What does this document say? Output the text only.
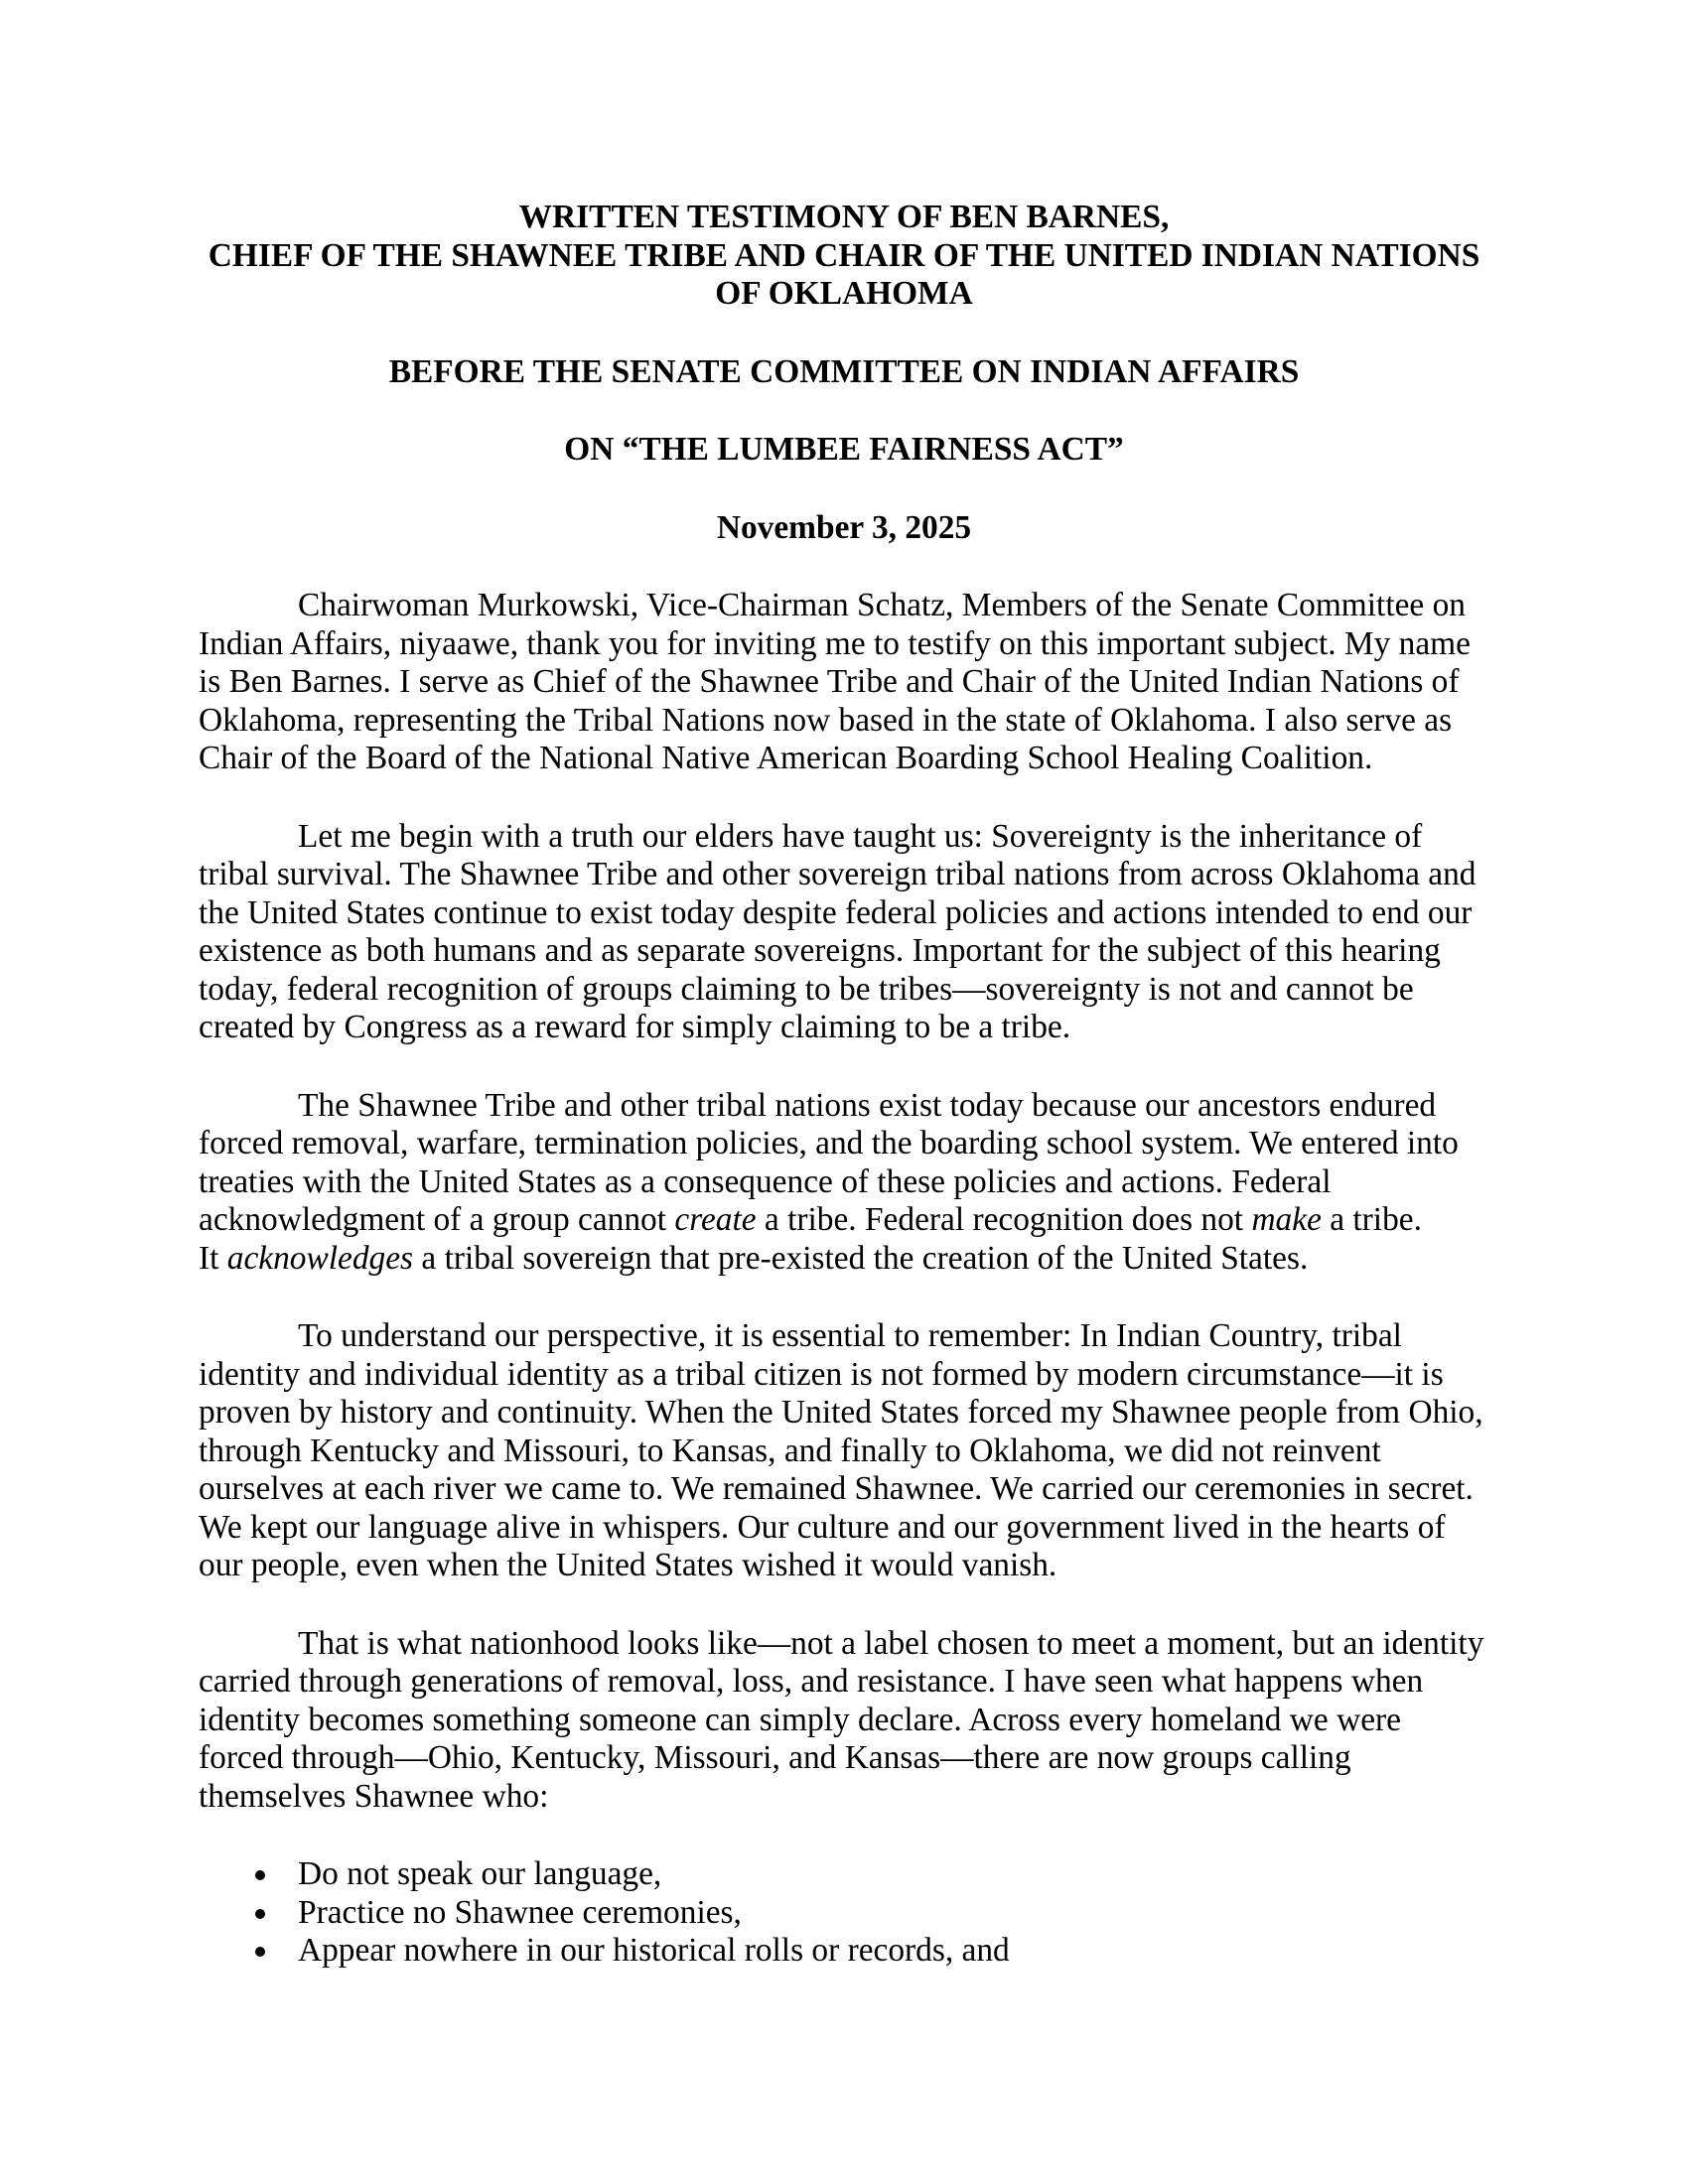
WRITTEN TESTIMONY OF BEN BARNES,
CHIEF OF THE SHAWNEE TRIBE AND CHAIR OF THE UNITED INDIAN NATIONS
OF OKLAHOMA
BEFORE THE SENATE COMMITTEE ON INDIAN AFFAIRS
ON “THE LUMBEE FAIRNESS ACT”
November 3, 2025
Chairwoman Murkowski, Vice-Chairman Schatz, Members of the Senate Committee on
Indian Affairs, niyaawe, thank you for inviting me to testify on this important subject. My name
is Ben Barnes. I serve as Chief of the Shawnee Tribe and Chair of the United Indian Nations of
Oklahoma, representing the Tribal Nations now based in the state of Oklahoma. I also serve as
Chair of the Board of the National Native American Boarding School Healing Coalition.
Let me begin with a truth our elders have taught us: Sovereignty is the inheritance of
tribal survival. The Shawnee Tribe and other sovereign tribal nations from across Oklahoma and
the United States continue to exist today despite federal policies and actions intended to end our
existence as both humans and as separate sovereigns. Important for the subject of this hearing
today, federal recognition of groups claiming to be tribes—sovereignty is not and cannot be
created by Congress as a reward for simply claiming to be a tribe.
The Shawnee Tribe and other tribal nations exist today because our ancestors endured
forced removal, warfare, termination policies, and the boarding school system. We entered into
treaties with the United States as a consequence of these policies and actions. Federal
acknowledgment of a group cannot create a tribe. Federal recognition does not make a tribe.
It acknowledges a tribal sovereign that pre-existed the creation of the United States.
To understand our perspective, it is essential to remember: In Indian Country, tribal
identity and individual identity as a tribal citizen is not formed by modern circumstance—it is
proven by history and continuity. When the United States forced my Shawnee people from Ohio,
through Kentucky and Missouri, to Kansas, and finally to Oklahoma, we did not reinvent
ourselves at each river we came to. We remained Shawnee. We carried our ceremonies in secret.
We kept our language alive in whispers. Our culture and our government lived in the hearts of
our people, even when the United States wished it would vanish.
That is what nationhood looks like—not a label chosen to meet a moment, but an identity
carried through generations of removal, loss, and resistance. I have seen what happens when
identity becomes something someone can simply declare. Across every homeland we were
forced through—Ohio, Kentucky, Missouri, and Kansas—there are now groups calling
themselves Shawnee who:
Do not speak our language,
Practice no Shawnee ceremonies,
Appear nowhere in our historical rolls or records, and
